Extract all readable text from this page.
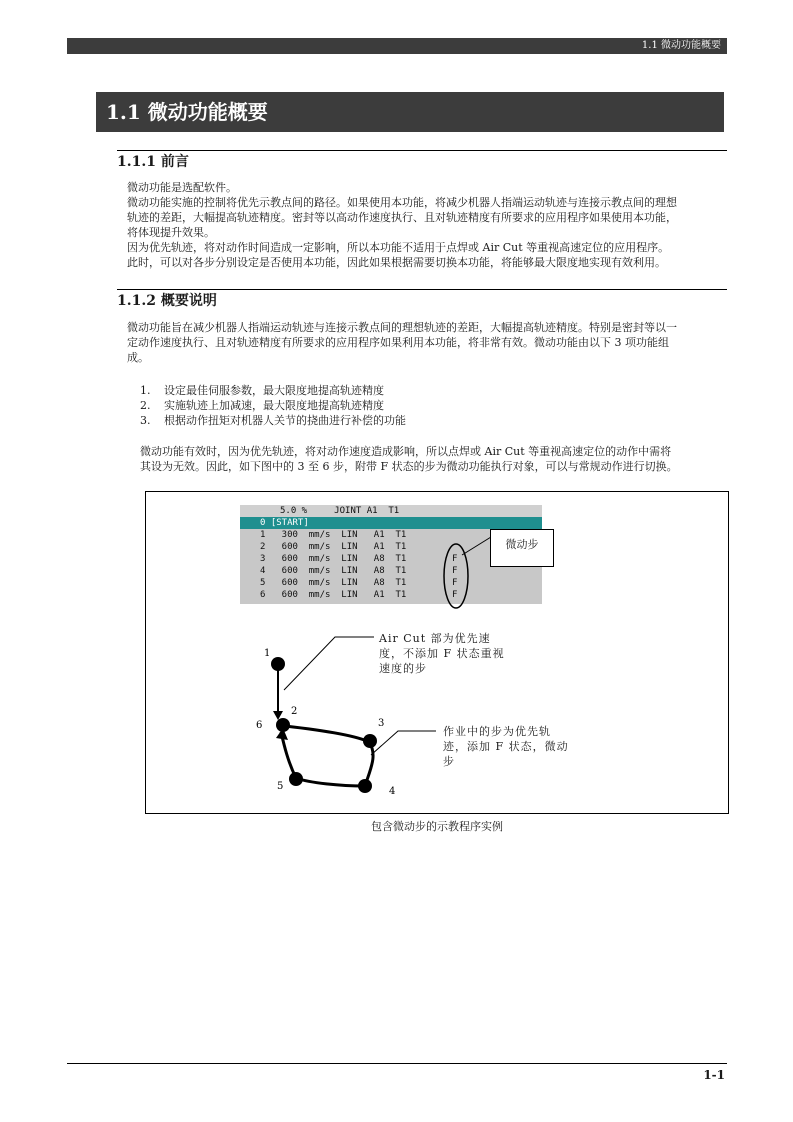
1.1 微动功能概要
1.1 微动功能概要
1.1.1 前言
微动功能是选配软件。
微动功能实施的控制将优先示教点间的路径。如果使用本功能，将减少机器人指端运动轨迹与连接示教点间的理想
轨迹的差距，大幅提高轨迹精度。密封等以高动作速度执行、且对轨迹精度有所要求的应用程序如果使用本功能，
将体现提升效果。
因为优先轨迹，将对动作时间造成一定影响，所以本功能不适用于点焊或 Air Cut 等重视高速定位的应用程序。
此时，可以对各步分别设定是否使用本功能，因此如果根据需要切换本功能，将能够最大限度地实现有效利用。
1.1.2 概要说明
微动功能旨在减少机器人指端运动轨迹与连接示教点间的理想轨迹的差距，大幅提高轨迹精度。特别是密封等以一
定动作速度执行、且对轨迹精度有所要求的应用程序如果利用本功能，将非常有效。微动功能由以下 3 项功能组
成。
1.	设定最佳伺服参数，最大限度地提高轨迹精度
2.	实施轨迹上加减速，最大限度地提高轨迹精度
3.	根据动作扭矩对机器人关节的挠曲进行补偿的功能
微动功能有效时，因为优先轨迹，将对动作速度造成影响，所以点焊或 Air Cut 等重视高速定位的动作中需将
其设为无效。因此，如下图中的 3 至 6 步，附带 F 状态的步为微动功能执行对象，可以与常规动作进行切换。
5.0 %     JOINT A1  T1
0 [START]
1   300  mm/s  LIN   A1  T1
2   600  mm/s  LIN   A1  T1
3   600  mm/s  LIN   A8  T1	F
4   600  mm/s  LIN   A8  T1	F
5   600  mm/s  LIN   A8  T1	F
6   600  mm/s  LIN   A1  T1	F
1
2
3
4
5
6
微动步
Air Cut 部为优先速
度，不添加 F 状态重视
速度的步
作业中的步为优先轨
迹，添加 F 状态，微动
步
包含微动步的示教程序实例
1-1
